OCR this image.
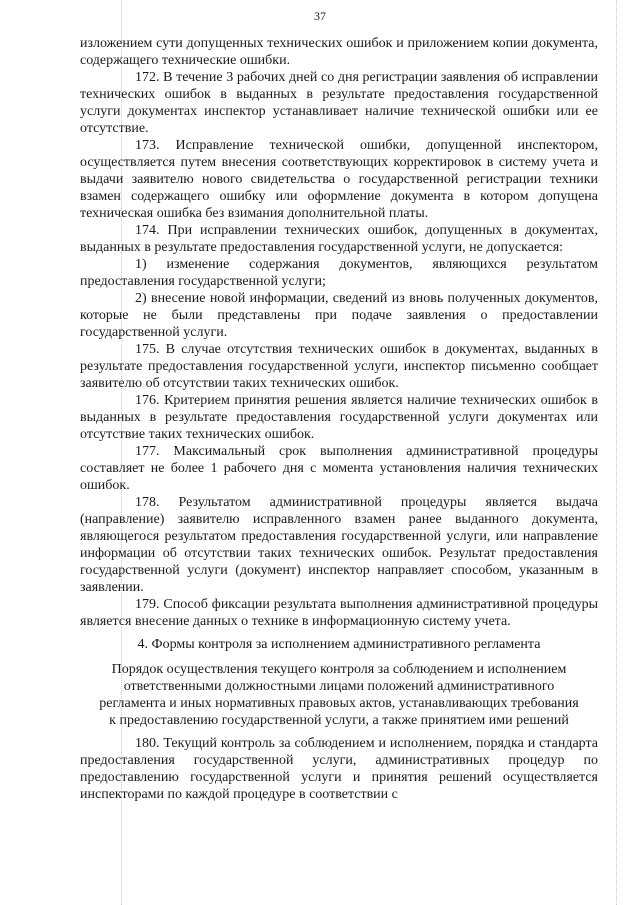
37

изложением сути допущенных технических ошибок и приложением копии документа, содержащего технические ошибки.

172. В течение 3 рабочих дней со дня регистрации заявления об исправлении технических ошибок в выданных в результате предоставления государственной услуги документах инспектор устанавливает наличие технической ошибки или ее отсутствие.

173. Исправление технической ошибки, допущенной инспектором, осуществляется путем внесения соответствующих корректировок в систему учета и выдачи заявителю нового свидетельства о государственной регистрации техники взамен содержащего ошибку или оформление документа в котором допущена техническая ошибка без взимания дополнительной платы.

174. При исправлении технических ошибок, допущенных в документах, выданных в результате предоставления государственной услуги, не допускается:

1) изменение содержания документов, являющихся результатом предоставления государственной услуги;

2) внесение новой информации, сведений из вновь полученных документов, которые не были представлены при подаче заявления о предоставлении государственной услуги.

175. В случае отсутствия технических ошибок в документах, выданных в результате предоставления государственной услуги, инспектор письменно сообщает заявителю об отсутствии таких технических ошибок.

176. Критерием принятия решения является наличие технических ошибок в выданных в результате предоставления государственной услуги документах или отсутствие таких технических ошибок.

177. Максимальный срок выполнения административной процедуры составляет не более 1 рабочего дня с момента установления наличия технических ошибок.

178. Результатом административной процедуры является выдача (направление) заявителю исправленного взамен ранее выданного документа, являющегося результатом предоставления государственной услуги, или направление информации об отсутствии таких технических ошибок. Результат предоставления государственной услуги (документ) инспектор направляет способом, указанным в заявлении.

179. Способ фиксации результата выполнения административной процедуры является внесение данных о технике в информационную систему учета.

4. Формы контроля за исполнением административного регламента

Порядок осуществления текущего контроля за соблюдением и исполнением
ответственными должностными лицами положений административного
регламента и иных нормативных правовых актов, устанавливающих требования
к предоставлению государственной услуги, а также принятием ими решений

180. Текущий контроль за соблюдением и исполнением, порядка и стандарта предоставления государственной услуги, административных процедур по предоставлению государственной услуги и принятия решений осуществляется инспекторами по каждой процедуре в соответствии с
